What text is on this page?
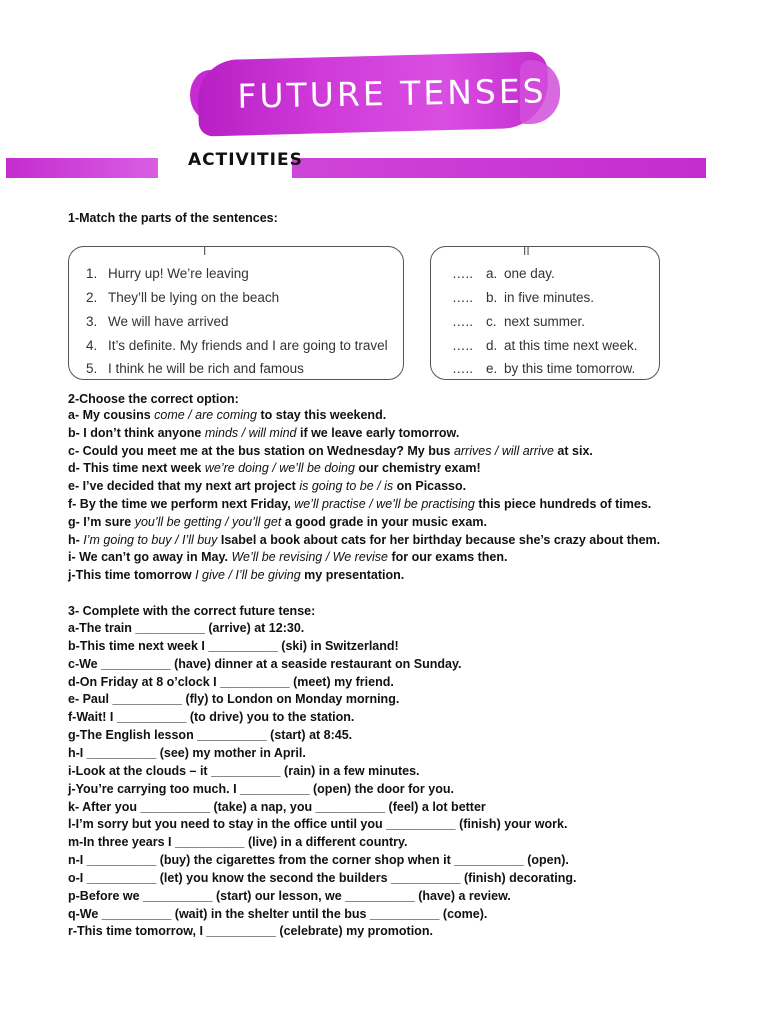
FUTURE TENSES
ACTIVITIES

1-Match the parts of the sentences:

I	II
1. Hurry up! We’re leaving
2. They’ll be lying on the beach
3. We will have arrived
4. It’s definite. My friends and I are going to travel
5. I think he will be rich and famous
….. a. one day.
….. b. in five minutes.
….. c. next summer.
….. d. at this time next week.
….. e. by this time tomorrow.

2-Choose the correct option:

a- My cousins come / are coming to stay this weekend.

b- I don’t think anyone minds / will mind if we leave early tomorrow.

c- Could you meet me at the bus station on Wednesday? My bus arrives / will arrive at six.

d- This time next week we’re doing / we’ll be doing our chemistry exam!

e- I’ve decided that my next art project is going to be / is on Picasso.

f- By the time we perform next Friday, we’ll practise / we’ll be practising this piece hundreds of times.

g- I’m sure you’ll be getting / you’ll get a good grade in your music exam.

h- I’m going to buy / I’ll buy Isabel a book about cats for her birthday because she’s crazy about them.

i- We can’t go away in May. We’ll be revising / We revise for our exams then.

j-This time tomorrow I give / I’ll be giving my presentation.

3- Complete with the correct future tense:

a-The train __________ (arrive) at 12:30.

b-This time next week I __________ (ski) in Switzerland!

c-We __________ (have) dinner at a seaside restaurant on Sunday.

d-On Friday at 8 o’clock I __________ (meet) my friend.

e- Paul __________ (fly) to London on Monday morning.

f-Wait! I __________ (to drive) you to the station.

g-The English lesson __________ (start) at 8:45.

h-I __________ (see) my mother in April.

i-Look at the clouds – it __________ (rain) in a few minutes.

j-You’re carrying too much. I __________ (open) the door for you.

k- After you __________ (take) a nap, you __________ (feel) a lot better

l-I’m sorry but you need to stay in the office until you __________ (finish) your work.

m-In three years I __________ (live) in a different country.

n-I __________ (buy) the cigarettes from the corner shop when it __________ (open).

o-I __________ (let) you know the second the builders __________ (finish) decorating.

p-Before we __________ (start) our lesson, we __________ (have) a review.

q-We __________ (wait) in the shelter until the bus __________ (come).

r-This time tomorrow, I __________ (celebrate) my promotion.
